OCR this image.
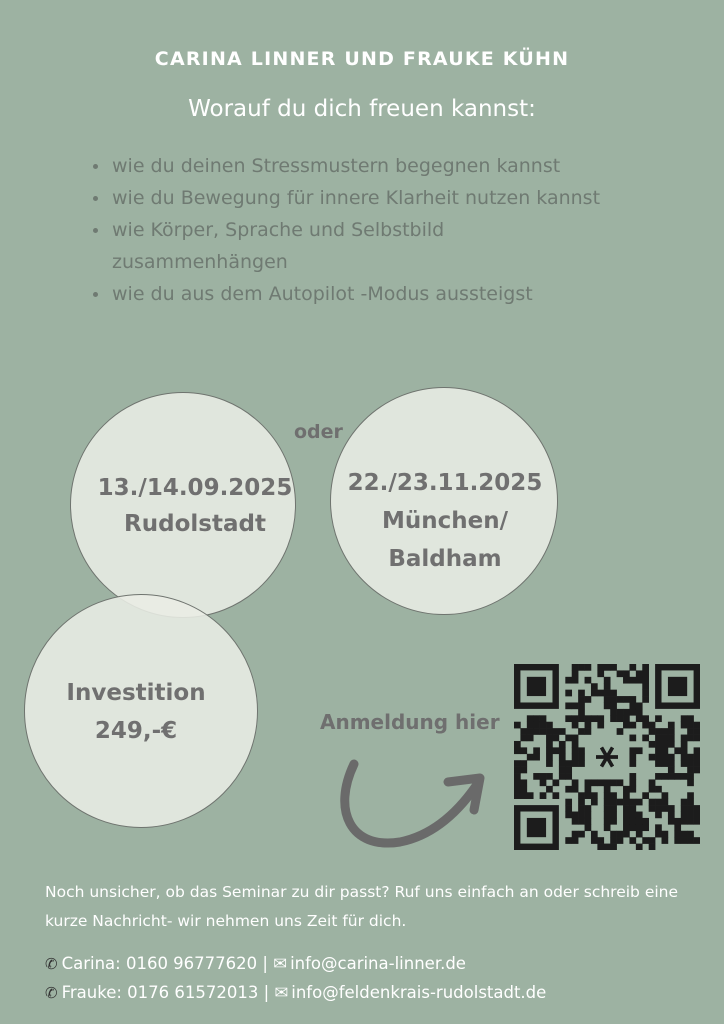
CARINA LINNER UND FRAUKE KÜHN
Worauf du dich freuen kannst:
• wie du deinen Stressmustern begegnen kannst
• wie du Bewegung für innere Klarheit nutzen kannst
• wie Körper, Sprache und Selbstbild zusammenhängen
• wie du aus dem Autopilot -Modus aussteigst
13./14.09.2025
Rudolstadt
oder
22./23.11.2025
München/
Baldham
Investition
249,-€	Anmeldung hier
Noch unsicher, ob das Seminar zu dir passt? Ruf uns einfach an oder schreib eine kurze Nachricht- wir nehmen uns Zeit für dich.
✆ Carina: 0160 96777620 | ✉ info@carina-linner.de
✆ Frauke: 0176 61572013 | ✉ info@feldenkrais-rudolstadt.de
